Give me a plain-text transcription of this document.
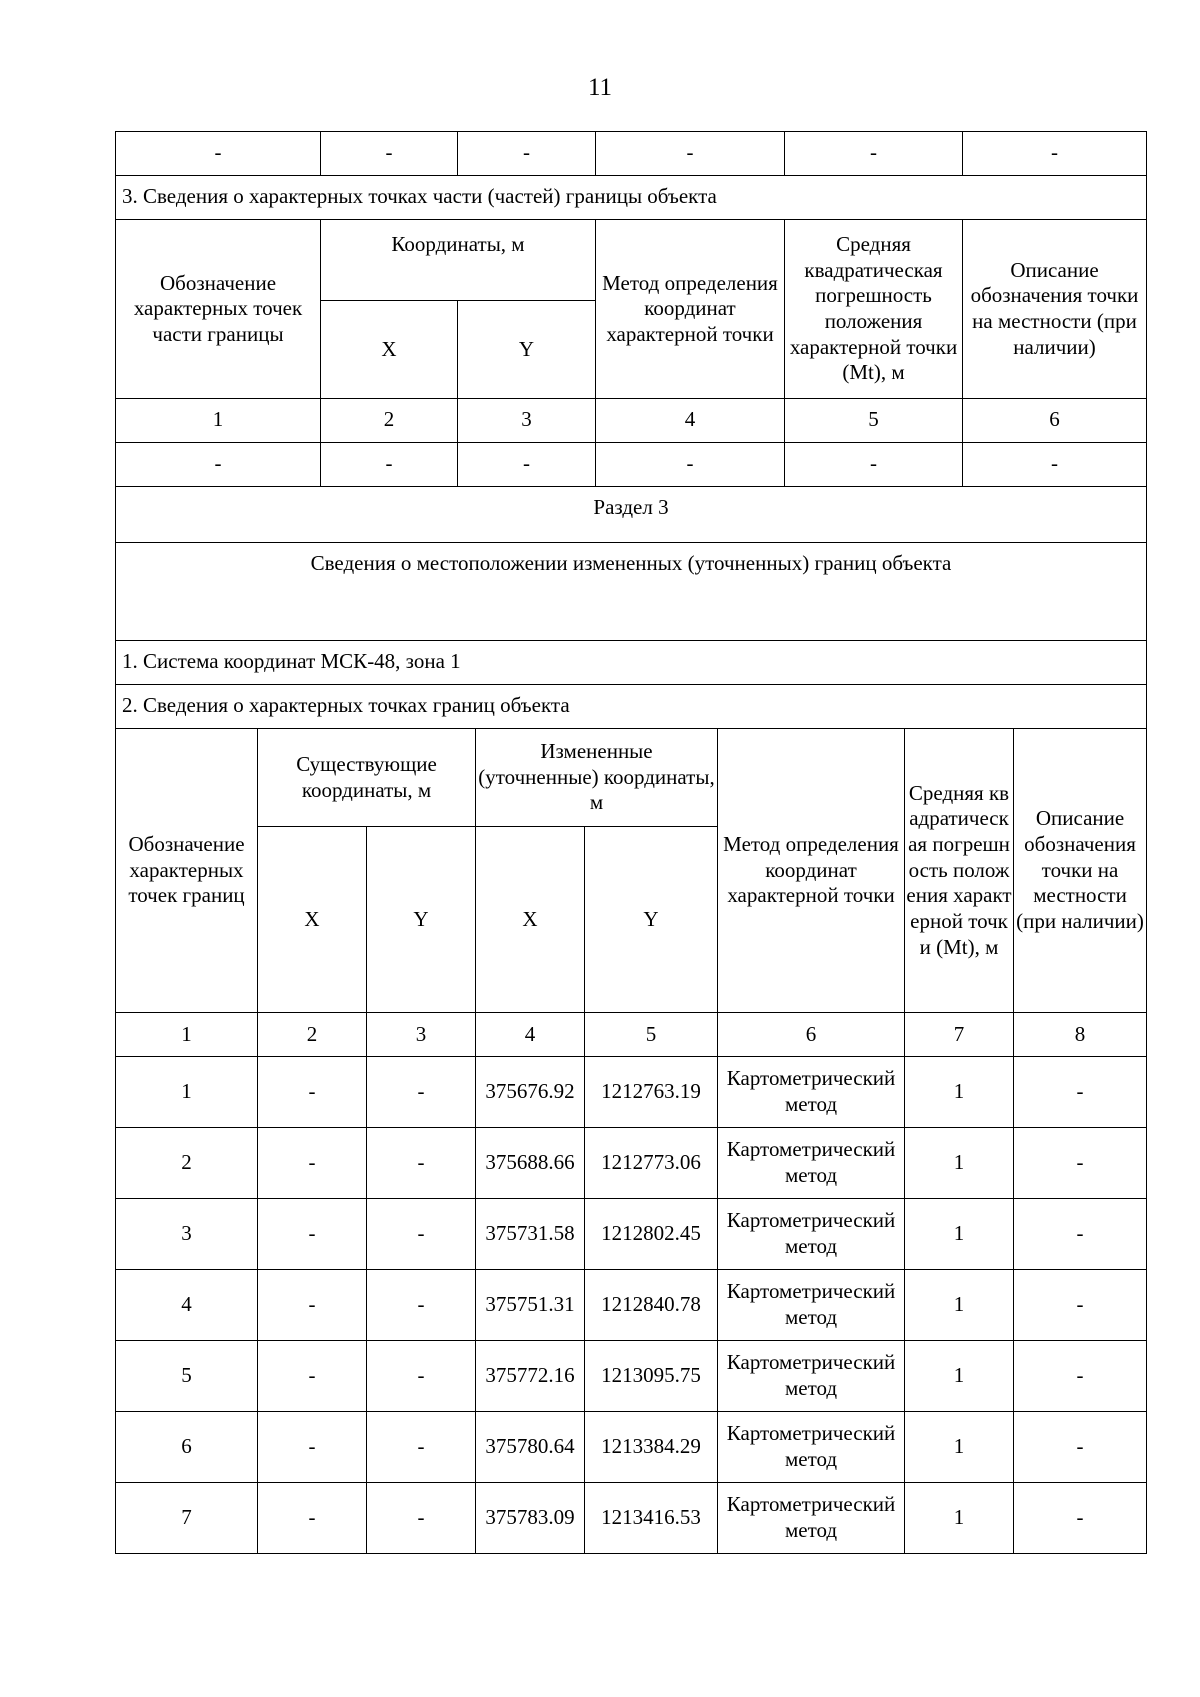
11
-	-	-	-	-	-
3. Сведения о характерных точках части (частей) границы объекта					
Обозначение характерных точек части границы	Координаты, м		Метод определения координат характерной точки	Средняя квадратическая погрешность положения характерной точки (Mt), м	Описание обозначения точки на местности (при наличии)
	X	Y			
1	2	3	4	5	6
-	-	-	-	-	-
Раздел 3					
Сведения о местоположении измененных (уточненных) границ объекта					
1. Система координат МСК-48, зона 1					
2. Сведения о характерных точках границ объекта					
Обозначение характерных точек границ	Существующие координаты, м		Измененные (уточненные) координаты, м		Метод определения координат характерной точки	Средняя квадратическая погрешность положения характерной точки (Mt), м	Описание обозначения точки на местности (при наличии)
	X	Y	X	Y			
1	2	3	4	5	6	7	8
1	-	-	375676.92	1212763.19	Картометрический метод	1	-
2	-	-	375688.66	1212773.06	Картометрический метод	1	-
3	-	-	375731.58	1212802.45	Картометрический метод	1	-
4	-	-	375751.31	1212840.78	Картометрический метод	1	-
5	-	-	375772.16	1213095.75	Картометрический метод	1	-
6	-	-	375780.64	1213384.29	Картометрический метод	1	-
7	-	-	375783.09	1213416.53	Картометрический метод	1	-
